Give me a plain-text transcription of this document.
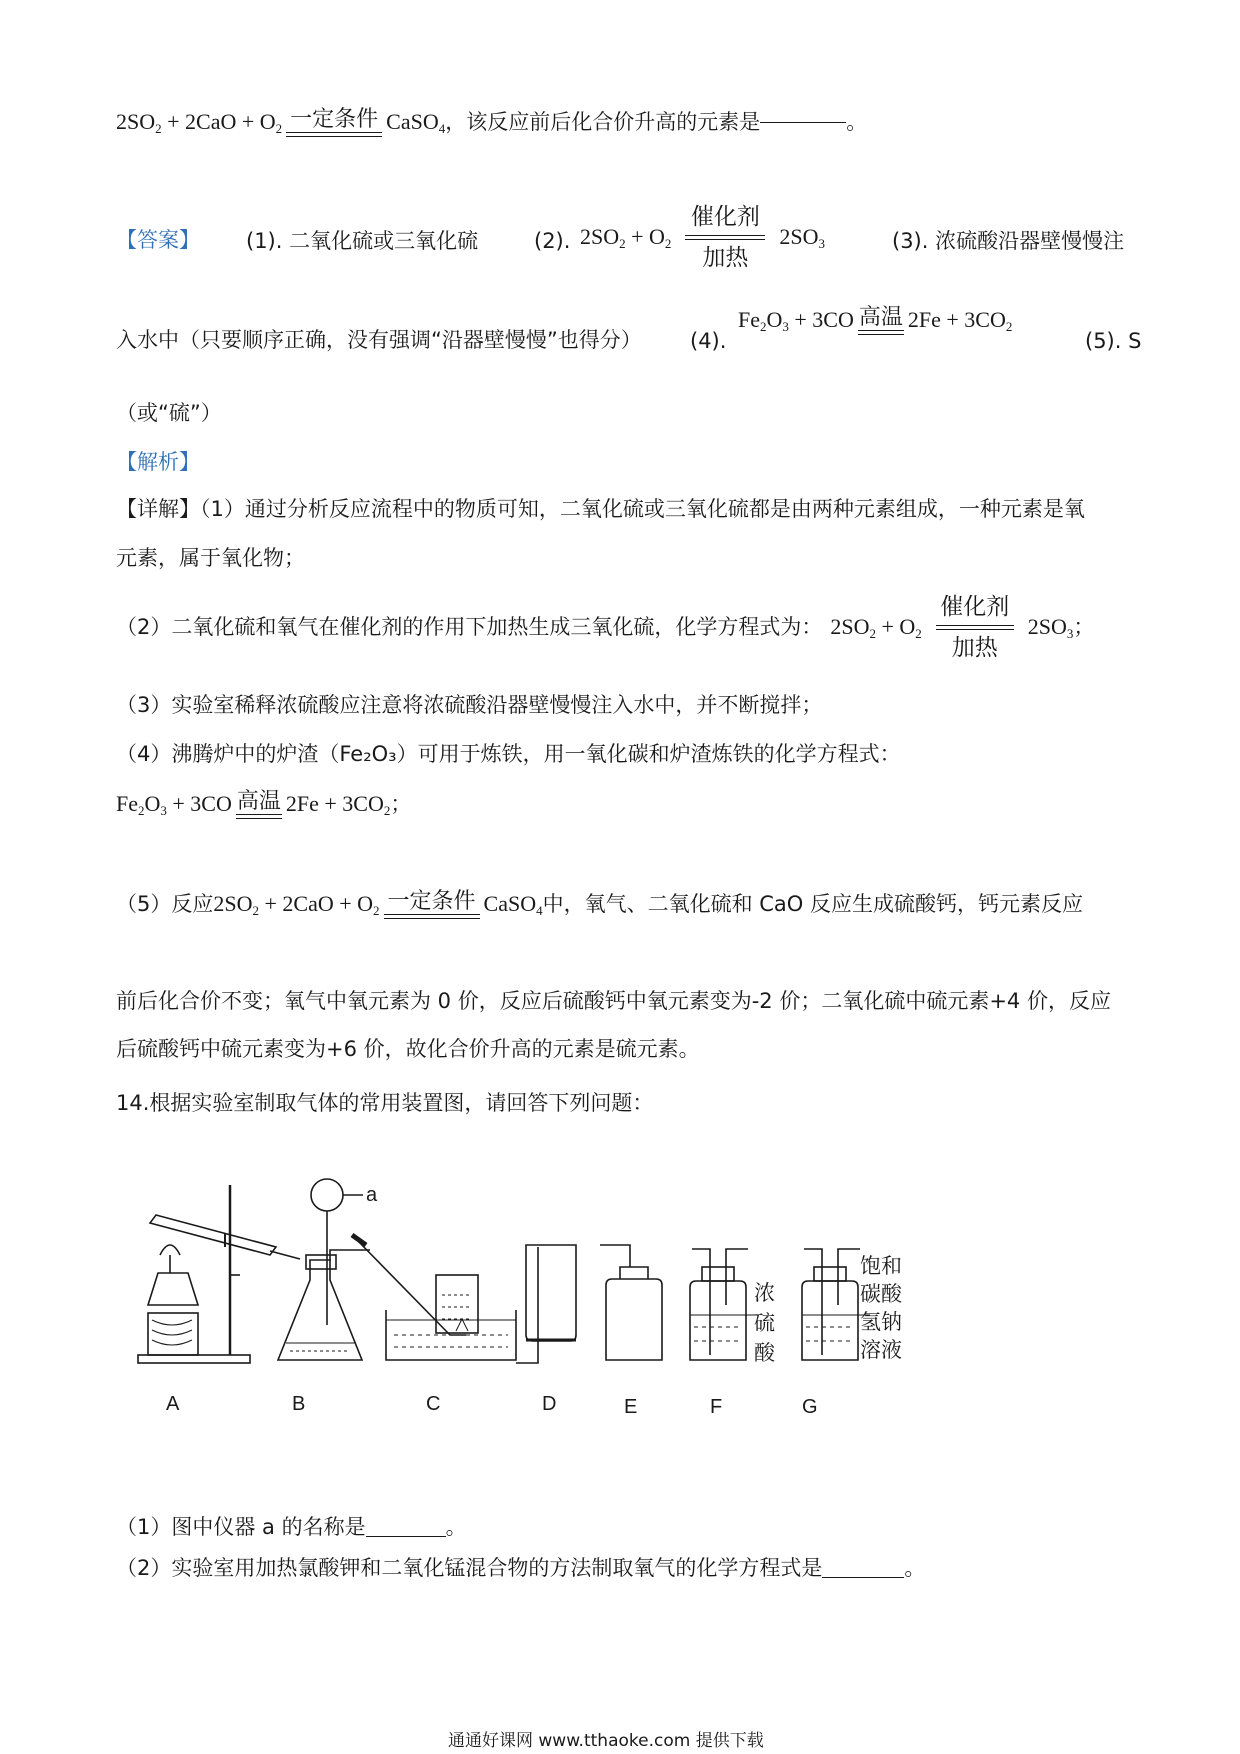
$2SO_2 + 2CaO + O_2$ 一定条件 CaSO$_4$ ，该反应前后化合价升高的元素是	。
【答案】 (1). 二氧化硫或三氧化硫	(2). $2SO_2 + O_2$
催化剂
加热
$2SO_3$	(3). 浓硫酸沿器壁慢慢注
入水中（只要顺序正确，没有强调“沿器壁慢慢”也得分） (4).
$Fe_2O_3 + 3CO$ 高温 $2Fe + 3CO_2$
(5). S
（或“硫”）
【解析】
【详解】（1）通过分析反应流程中的物质可知，二氧化硫或三氧化硫都是由两种元素组成，一种元素是氧
元素，属于氧化物；
（2）二氧化硫和氧气在催化剂的作用下加热生成三氧化硫，化学方程式为： $2SO_2 + O_2$
催化剂
加热
$2SO_3$ ；
（3）实验室稀释浓硫酸应注意将浓硫酸沿器壁慢慢注入水中，并不断搅拌；
（4）沸腾炉中的炉渣（Fe₂O₃）可用于炼铁，用一氧化碳和炉渣炼铁的化学方程式：
$Fe_2O_3 + 3CO$ 高温 $2Fe + 3CO_2$ ；
（5）反应 $2SO_2 + 2CaO + O_2$ 一定条件 CaSO$_4$ 中，氧气、二氧化硫和 CaO 反应生成硫酸钙，钙元素反应
前后化合价不变；氧气中氧元素为 0 价，反应后硫酸钙中氧元素变为-2 价；二氧化硫中硫元素+4 价，反应
后硫酸钙中硫元素变为+6 价，故化合价升高的元素是硫元素。
14.根据实验室制取气体的常用装置图，请回答下列问题：
a
A	B	C	D	E	F	G
浓
硫
酸
饱和
碳酸
氢钠
溶液
（1）图中仪器 a 的名称是	。
（2）实验室用加热氯酸钾和二氧化锰混合物的方法制取氧气的化学方程式是	。
通通好课网 www.tthaoke.com 提供下载
